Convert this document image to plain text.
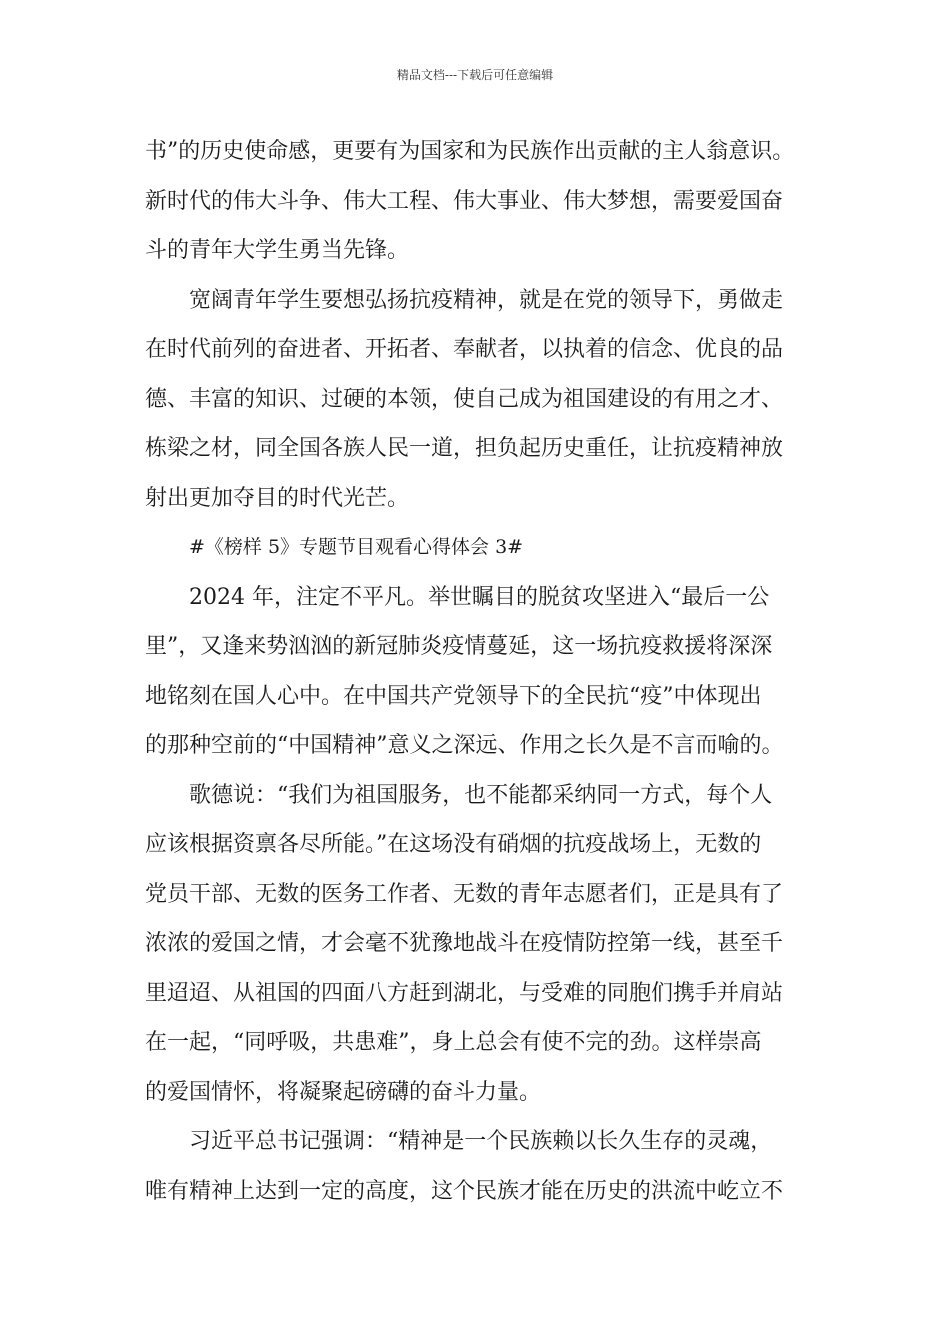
精品文档---下载后可任意编辑
书”的历史使命感，更要有为国家和为民族作出贡献的主人翁意识。
新时代的伟大斗争、伟大工程、伟大事业、伟大梦想，需要爱国奋
斗的青年大学生勇当先锋。
宽阔青年学生要想弘扬抗疫精神，就是在党的领导下，勇做走
在时代前列的奋进者、开拓者、奉献者，以执着的信念、优良的品
德、丰富的知识、过硬的本领，使自己成为祖国建设的有用之才、
栋梁之材，同全国各族人民一道，担负起历史重任，让抗疫精神放
射出更加夺目的时代光芒。
#《榜样 5》专题节目观看心得体会 3#
2024 年，注定不平凡。举世瞩目的脱贫攻坚进入“最后一公
里”，又逢来势汹汹的新冠肺炎疫情蔓延，这一场抗疫救援将深深
地铭刻在国人心中。在中国共产党领导下的全民抗“疫”中体现出
的那种空前的“中国精神”意义之深远、作用之长久是不言而喻的。
歌德说：“我们为祖国服务，也不能都采纳同一方式，每个人
应该根据资禀各尽所能。”在这场没有硝烟的抗疫战场上，无数的
党员干部、无数的医务工作者、无数的青年志愿者们，正是具有了
浓浓的爱国之情，才会毫不犹豫地战斗在疫情防控第一线，甚至千
里迢迢、从祖国的四面八方赶到湖北，与受难的同胞们携手并肩站
在一起，“同呼吸，共患难”，身上总会有使不完的劲。这样崇高
的爱国情怀，将凝聚起磅礴的奋斗力量。
习近平总书记强调：“精神是一个民族赖以长久生存的灵魂，
唯有精神上达到一定的高度，这个民族才能在历史的洪流中屹立不
